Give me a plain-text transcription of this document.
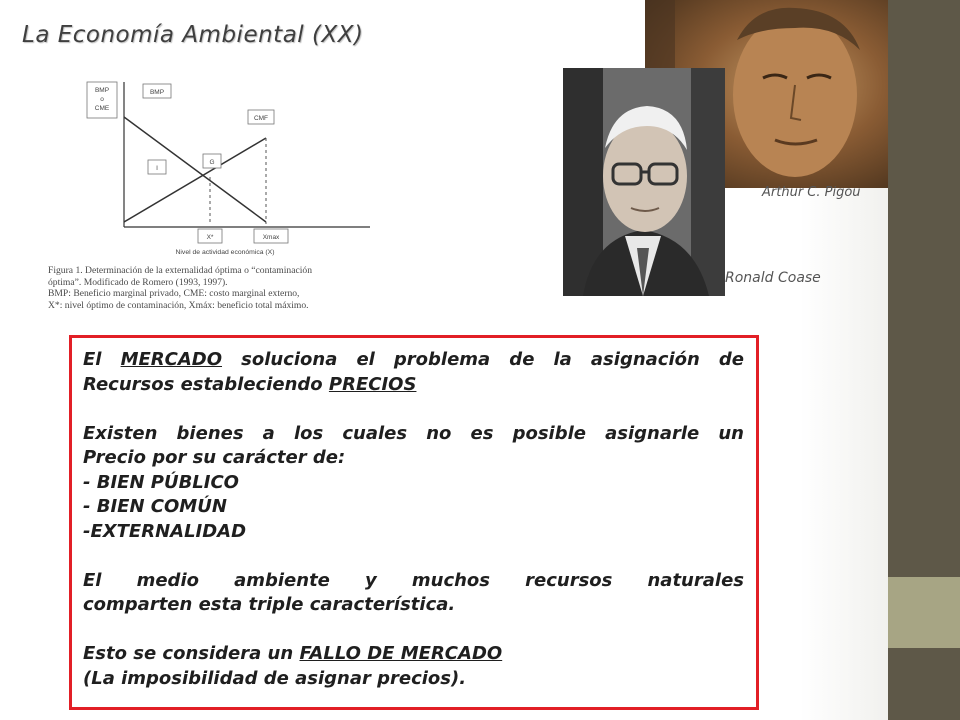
La Economía Ambiental (XX)
BMP
o
CME
BMP
CMF
I
G
X*	Xmax
Nivel de actividad económica (X)

Figura 1. Determinación de la externalidad óptima o “contaminación
óptima”. Modificado de Romero (1993, 1997).
BMP: Beneficio marginal privado, CME: costo marginal externo,
X*: nivel óptimo de contaminación, Xmáx: beneficio total máximo.

Arthur C. Pigou
Ronald Coase

El MERCADO soluciona el problema de la asignación de

Recursos estableciendo PRECIOS

Existen bienes a los cuales no es posible asignarle un

Precio por su carácter de:

- BIEN PÚBLICO

- BIEN COMÚN

-EXTERNALIDAD

El medio ambiente y muchos recursos naturales

comparten esta triple característica.

Esto se considera un FALLO DE MERCADO

(La imposibilidad de asignar precios).
